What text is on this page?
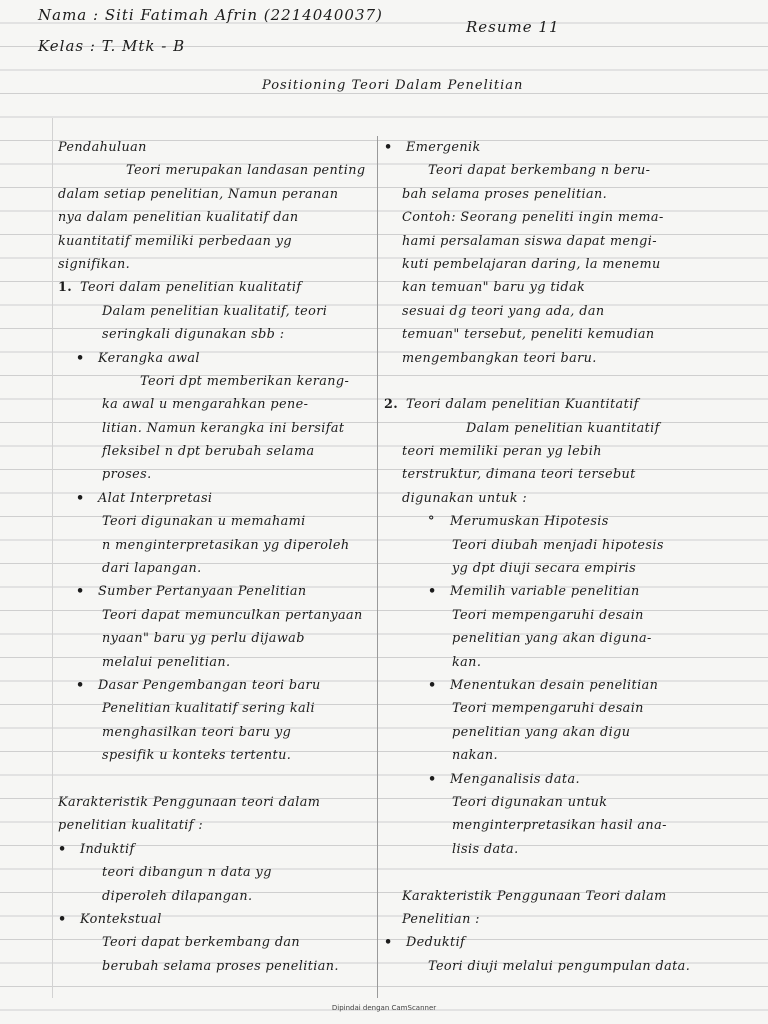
Nama : Siti Fatimah Afrin (2214040037)
Kelas : T. Mtk - B
Resume 11
Positioning Teori Dalam Penelitian
Pendahuluan
Teori merupakan landasan penting
dalam setiap penelitian, Namun peranan
nya dalam penelitian kualitatif dan
kuantitatif memiliki perbedaan yg
signifikan.
1. Teori dalam penelitian kualitatif
Dalam penelitian kualitatif, teori
seringkali digunakan sbb :
• Kerangka awal
Teori dpt memberikan kerang-
ka awal u mengarahkan pene-
litian. Namun kerangka ini bersifat
fleksibel n dpt berubah selama
proses.
• Alat Interpretasi
Teori digunakan u memahami
n menginterpretasikan yg diperoleh
dari lapangan.
• Sumber Pertanyaan Penelitian
Teori dapat memunculkan pertanyaan
nyaan" baru yg perlu dijawab
melalui penelitian.
• Dasar Pengembangan teori baru
Penelitian kualitatif sering kali
menghasilkan teori baru yg
spesifik u konteks tertentu.
Karakteristik Penggunaan teori dalam
penelitian kualitatif :
• Induktif
teori dibangun n data yg
diperoleh dilapangan.
• Kontekstual
Teori dapat berkembang dan
berubah selama proses penelitian.
• Emergenik
Teori dapat berkembang n beru-
bah selama proses penelitian.
Contoh: Seorang peneliti ingin mema-
hami persalaman siswa dapat mengi-
kuti pembelajaran daring, la menemu
kan temuan" baru yg tidak
sesuai dg teori yang ada, dan
temuan" tersebut, peneliti kemudian
mengembangkan teori baru.
2. Teori dalam penelitian Kuantitatif
Dalam penelitian kuantitatif
teori memiliki peran yg lebih
terstruktur, dimana teori tersebut
digunakan untuk :
° Merumuskan Hipotesis
Teori diubah menjadi hipotesis
yg dpt diuji secara empiris
• Memilih variable penelitian
Teori mempengaruhi desain
penelitian yang akan diguna-
kan.
• Menentukan desain penelitian
Teori mempengaruhi desain
penelitian yang akan digu
nakan.
• Menganalisis data.
Teori digunakan untuk
menginterpretasikan hasil ana-
lisis data.
Karakteristik Penggunaan Teori dalam
Penelitian :
• Deduktif
Teori diuji melalui pengumpulan data.
Dipindai dengan CamScanner
